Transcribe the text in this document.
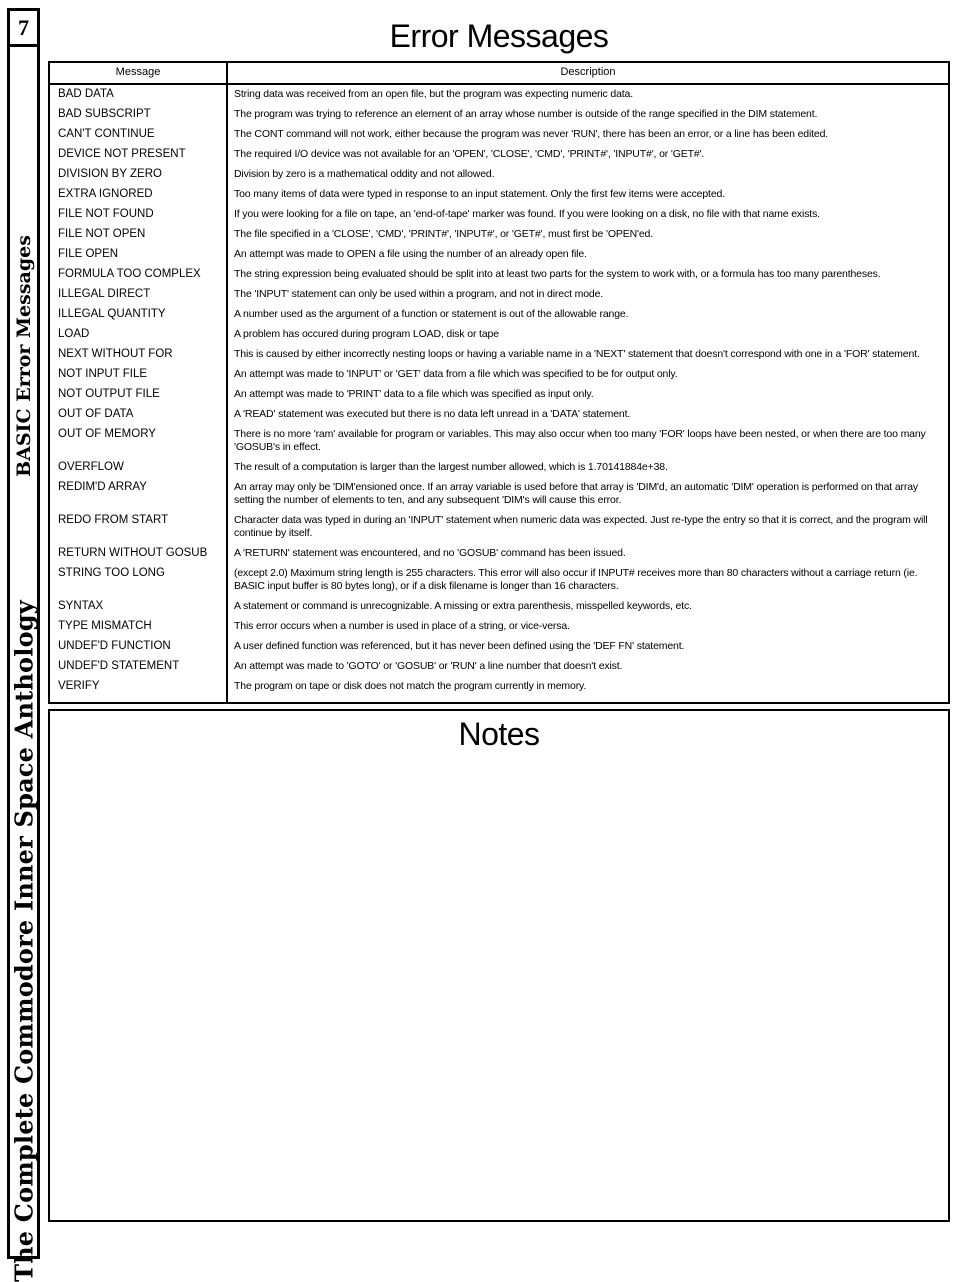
7
BASIC Error Messages
The Complete Commodore Inner Space Anthology
Error Messages
Message	Description
BAD DATA	String data was received from an open file, but the program was expecting numeric data.
BAD SUBSCRIPT	The program was trying to reference an element of an array whose number is outside of the range specified in the DIM statement.
CAN'T CONTINUE	The CONT command will not work, either because the program was never 'RUN', there has been an error, or a line has been edited.
DEVICE NOT PRESENT	The required I/O device was not available for an 'OPEN', 'CLOSE', 'CMD', 'PRINT#', 'INPUT#', or 'GET#'.
DIVISION BY ZERO	Division by zero is a mathematical oddity and not allowed.
EXTRA IGNORED	Too many items of data were typed in response to an input statement. Only the first few items were accepted.
FILE NOT FOUND	If you were looking for a file on tape, an 'end-of-tape' marker was found. If you were looking on a disk, no file with that name exists.
FILE NOT OPEN	The file specified in a 'CLOSE', 'CMD', 'PRINT#', 'INPUT#', or 'GET#', must first be 'OPEN'ed.
FILE OPEN	An attempt was made to OPEN a file using the number of an already open file.
FORMULA TOO COMPLEX	The string expression being evaluated should be split into at least two parts for the system to work with, or a formula has too many parentheses.
ILLEGAL DIRECT	The 'INPUT' statement can only be used within a program, and not in direct mode.
ILLEGAL QUANTITY	A number used as the argument of a function or statement is out of the allowable range.
LOAD	A problem has occured during program LOAD, disk or tape
NEXT WITHOUT FOR	This is caused by either incorrectly nesting loops or having a variable name in a 'NEXT' statement that doesn't correspond with one in a 'FOR' statement.
NOT INPUT FILE	An attempt was made to 'INPUT' or 'GET' data from a file which was specified to be for output only.
NOT OUTPUT FILE	An attempt was made to 'PRINT' data to a file which was specified as input only.
OUT OF DATA	A 'READ' statement was executed but there is no data left unread in a 'DATA' statement.
OUT OF MEMORY	There is no more 'ram' available for program or variables. This may also occur when too many 'FOR' loops have been nested, or when there are too many 'GOSUB's in effect.
OVERFLOW	The result of a computation is larger than the largest number allowed, which is 1.70141884e+38.
REDIM'D ARRAY	An array may only be 'DIM'ensioned once. If an array variable is used before that array is 'DIM'd, an automatic 'DIM' operation is performed on that array setting the number of elements to ten, and any subsequent 'DIM's will cause this error.
REDO FROM START	Character data was typed in during an 'INPUT' statement when numeric data was expected. Just re-type the entry so that it is correct, and the program will continue by itself.
RETURN WITHOUT GOSUB	A 'RETURN' statement was encountered, and no 'GOSUB' command has been issued.
STRING TOO LONG	(except 2.0) Maximum string length is 255 characters. This error will also occur if INPUT# receives more than 80 characters without a carriage return (ie. BASIC input buffer is 80 bytes long), or if a disk filename is longer than 16 characters.
SYNTAX	A statement or command is unrecognizable. A missing or extra parenthesis, misspelled keywords, etc.
TYPE MISMATCH	This error occurs when a number is used in place of a string, or vice-versa.
UNDEF'D FUNCTION	A user defined function was referenced, but it has never been defined using the 'DEF FN' statement.
UNDEF'D STATEMENT	An attempt was made to 'GOTO' or 'GOSUB' or 'RUN' a line number that doesn't exist.
VERIFY	The program on tape or disk does not match the program currently in memory.
Notes
